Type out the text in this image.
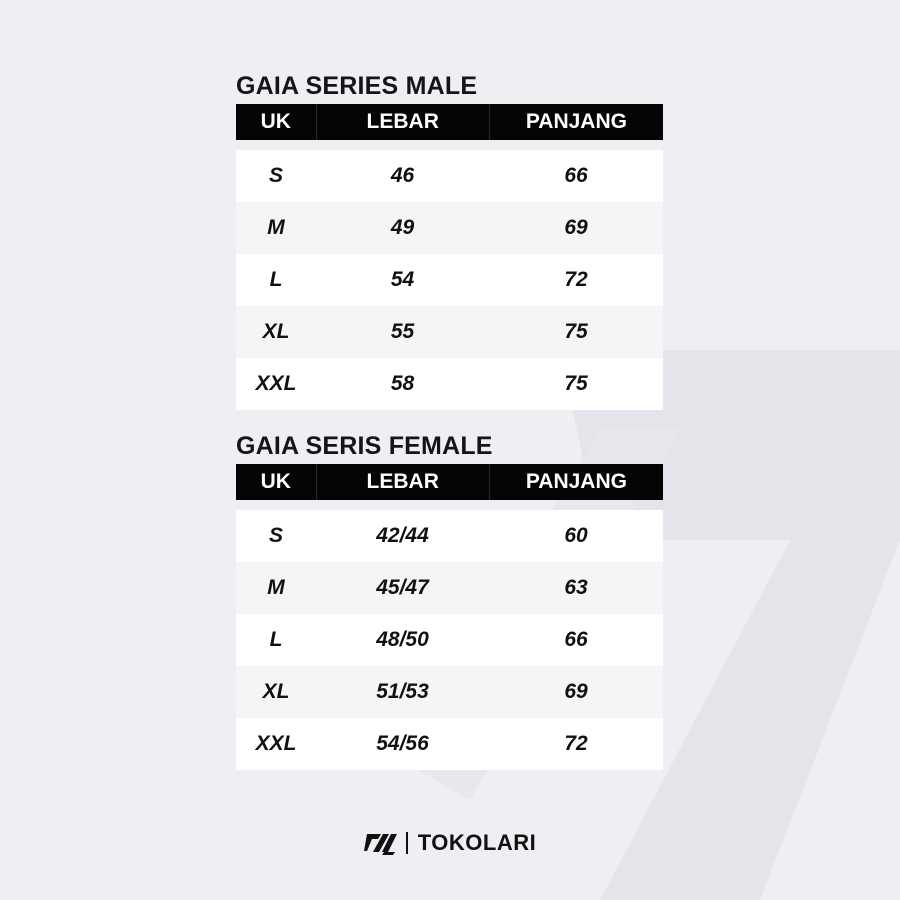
GAIA SERIES MALE
UK	LEBAR	PANJANG
S	46	66
M	49	69
L	54	72
XL	55	75
XXL	58	75
GAIA SERIS FEMALE
UK	LEBAR	PANJANG
S	42/44	60
M	45/47	63
L	48/50	66
XL	51/53	69
XXL	54/56	72
TOKOLARI
